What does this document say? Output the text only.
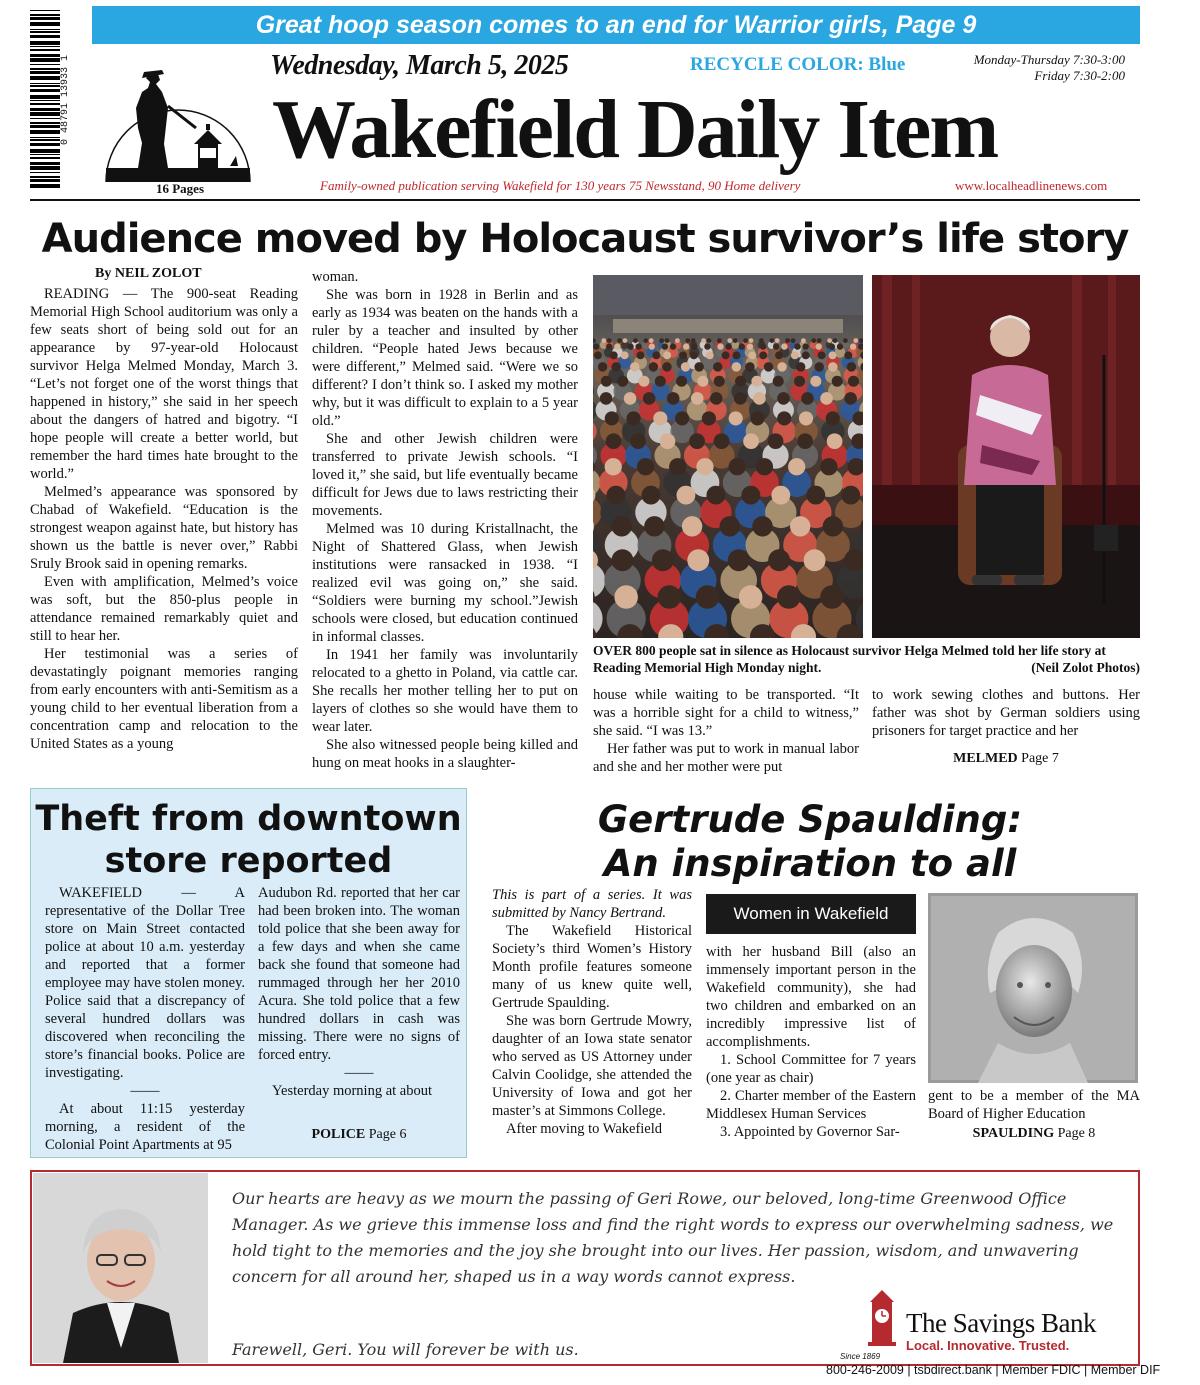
Great hoop season comes to an end for Warrior girls, Page 9
0 48791 13933 1
16 Pages
Wednesday, March 5, 2025	RECYCLE COLOR: Blue	Monday-Thursday 7:30-3:00
Friday 7:30-2:00
Wakefield Daily Item
Family-owned publication serving Wakefield for 130 years 75 Newsstand, 90 Home delivery	www.localheadlinenews.com
Audience moved by Holocaust survivor’s life story
By NEIL ZOLOT

READING — The 900-seat Reading Memorial High School auditorium was only a few seats short of being sold out for an appearance by 97-year-old Holocaust survivor Helga Melmed Monday, March 3. “Let’s not forget one of the worst things that happened in history,” she said in her speech about the dangers of hatred and bigotry. “I hope people will create a better world, but remember the hard times hate brought to the world.”

Melmed’s appearance was sponsored by Chabad of Wakefield. “Education is the strongest weapon against hate, but history has shown us the battle is never over,” Rabbi Sruly Brook said in opening remarks.

Even with amplification, Melmed’s voice was soft, but the 850-plus people in attendance remained remarkably quiet and still to hear her.

Her testimonial was a series of devastatingly poignant memories ranging from early encounters with anti-Semitism as a young child to her eventual liberation from a concentration camp and relocation to the United States as a young

woman.

She was born in 1928 in Berlin and as early as 1934 was beaten on the hands with a ruler by a teacher and insulted by other children. “People hated Jews because we were different,” Melmed said. “Were we so different? I don’t think so. I asked my mother why, but it was difficult to explain to a 5 year old.”

She and other Jewish children were transferred to private Jewish schools. “I loved it,” she said, but life eventually became difficult for Jews due to laws restricting their movements.

Melmed was 10 during Kristallnacht, the Night of Shattered Glass, when Jewish institutions were ransacked in 1938. “I realized evil was going on,” she said. “Soldiers were burning my school.”Jewish schools were closed, but education continued in informal classes.

In 1941 her family was involuntarily relocated to a ghetto in Poland, via cattle car. She recalls her mother telling her to put on layers of clothes so she would have them to wear later.

She also witnessed people being killed and hung on meat hooks in a slaughter-

OVER 800 people sat in silence as Holocaust survivor Helga Melmed told her life story at Reading Memorial High Monday night.	(Neil Zolot Photos)

house while waiting to be transported. “It was a horrible sight for a child to witness,” she said. “I was 13.”

Her father was put to work in manual labor and she and her mother were put

to work sewing clothes and buttons. Her father was shot by German soldiers using prisoners for target practice and her

MELMED Page 7
Theft from downtown
store reported

WAKEFIELD — A representative of the Dollar Tree store on Main Street contacted police at about 10 a.m. yesterday and reported that a former employee may have stolen money. Police said that a discrepancy of several hundred dollars was discovered when reconciling the store’s financial books. Police are investigating.

——

At about 11:15 yesterday morning, a resident of the Colonial Point Apartments at 95

Audubon Rd. reported that her car had been broken into. The woman told police that she been away for a few days and when she came back she found that someone had rummaged through her her 2010 Acura. She told police that a few hundred dollars in cash was missing. There were no signs of forced entry.

——

Yesterday morning at about

POLICE Page 6
Gertrude Spaulding:
An inspiration to all

This is part of a series. It was submitted by Nancy Bertrand.

The Wakefield Historical Society’s third Women’s History Month profile features someone many of us knew quite well, Gertrude Spaulding.

She was born Gertrude Mowry, daughter of an Iowa state senator who served as US Attorney under Calvin Coolidge, she attended the University of Iowa and got her master’s at Simmons College.

After moving to Wakefield

Women in Wakefield

with her husband Bill (also an immensely important person in the Wakefield community), she had two children and embarked on an incredibly impressive list of accomplishments.

1. School Committee for 7 years (one year as chair)

2. Charter member of the Eastern Middlesex Human Services

3. Appointed by Governor Sar-

gent to be a member of the MA Board of Higher Education

SPAULDING Page 8
Our hearts are heavy as we mourn the passing of Geri Rowe, our beloved, long-time Greenwood Office Manager. As we grieve this immense loss and find the right words to express our overwhelming sadness, we hold tight to the memories and the joy she brought into our lives. Her passion, wisdom, and unwavering concern for all around her, shaped us in a way words cannot express.
Farewell, Geri. You will forever be with us.
The Savings Bank
Local. Innovative. Trusted.
Since 1869
800-246-2009 | tsbdirect.bank | Member FDIC | Member DIF
